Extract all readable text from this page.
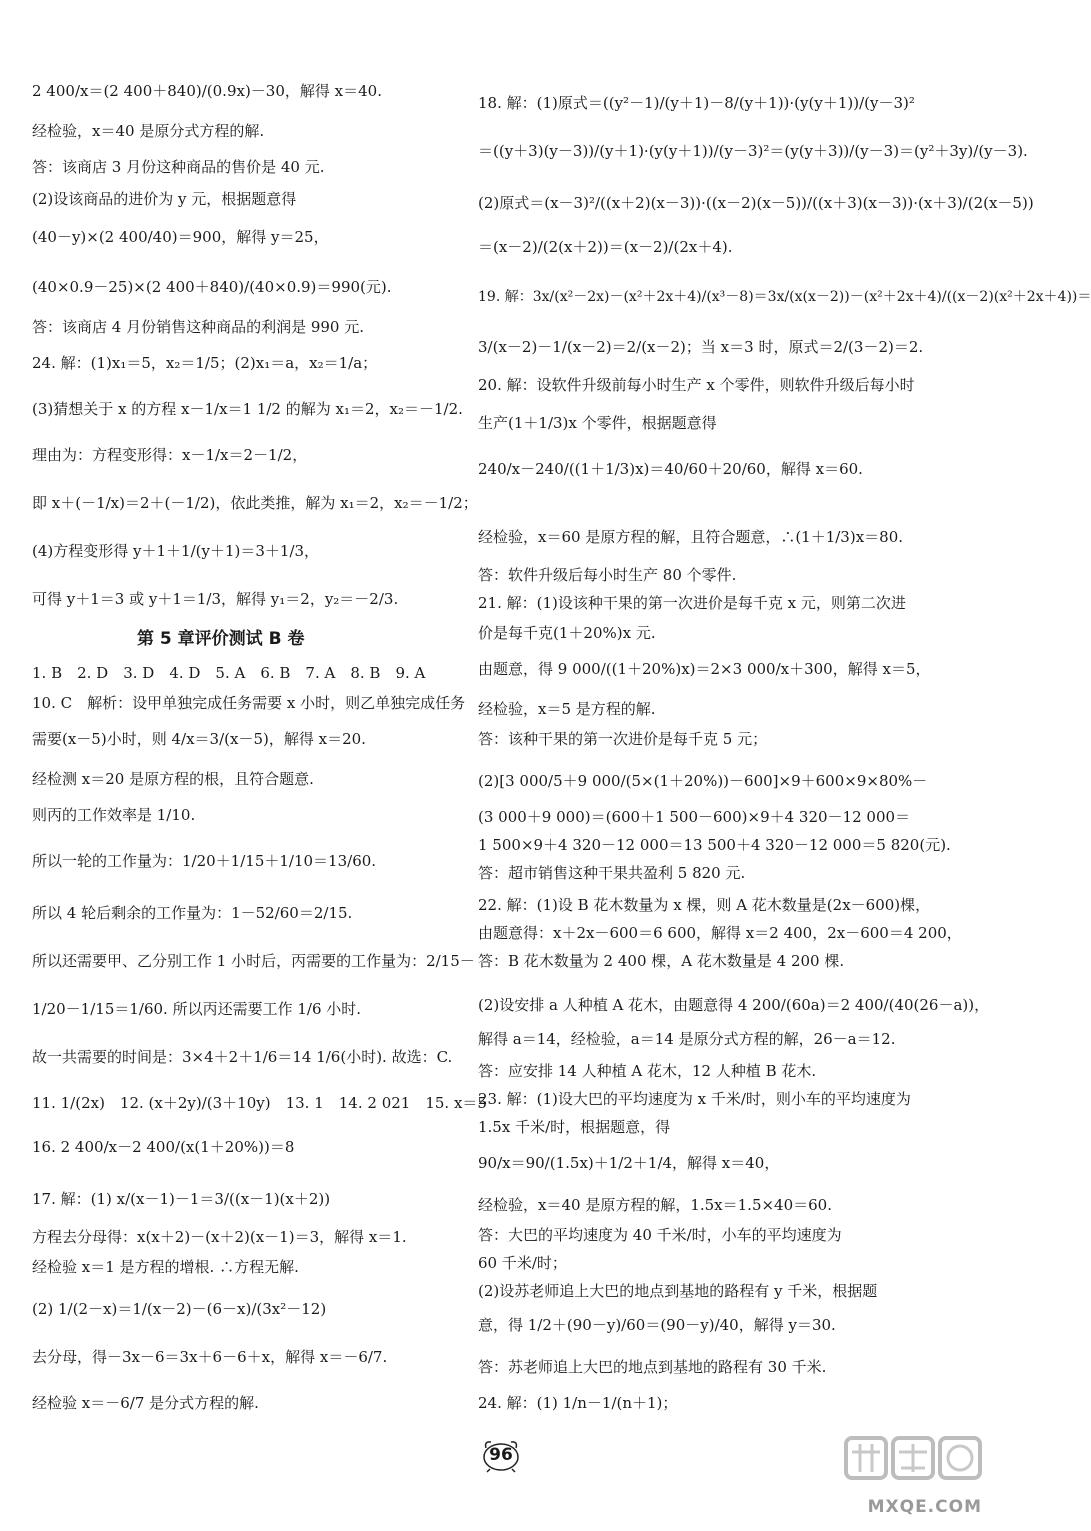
2 400/x＝(2 400＋840)/(0.9x)－30，解得 x＝40.
经检验，x＝40 是原分式方程的解.
答：该商店 3 月份这种商品的售价是 40 元.
(2)设该商品的进价为 y 元，根据题意得
(40－y)×(2 400/40)＝900，解得 y＝25，
(40×0.9－25)×(2 400＋840)/(40×0.9)＝990(元).
答：该商店 4 月份销售这种商品的利润是 990 元.
24. 解：(1)x₁＝5，x₂＝1/5；(2)x₁＝a，x₂＝1/a；
(3)猜想关于 x 的方程 x－1/x＝1 1/2 的解为 x₁＝2，x₂＝－1/2.
理由为：方程变形得：x－1/x＝2－1/2，
即 x＋(－1/x)＝2＋(－1/2)，依此类推，解为 x₁＝2，x₂＝－1/2；
(4)方程变形得 y＋1＋1/(y＋1)＝3＋1/3，
可得 y＋1＝3 或 y＋1＝1/3，解得 y₁＝2，y₂＝－2/3.
第 5 章评价测试 B 卷
1. B　2. D　3. D　4. D　5. A　6. B　7. A　8. B　9. A
10. C　解析：设甲单独完成任务需要 x 小时，则乙单独完成任务
需要(x－5)小时，则 4/x＝3/(x－5)，解得 x＝20.
经检测 x＝20 是原方程的根，且符合题意.
则丙的工作效率是 1/10.
所以一轮的工作量为：1/20＋1/15＋1/10＝13/60.
所以 4 轮后剩余的工作量为：1－52/60＝2/15.
所以还需要甲、乙分别工作 1 小时后，丙需要的工作量为：2/15－
1/20－1/15＝1/60. 所以丙还需要工作 1/6 小时.
故一共需要的时间是：3×4＋2＋1/6＝14 1/6(小时). 故选：C.
11. 1/(2x)　12. (x＋2y)/(3＋10y)　13. 1　14. 2 021　15. x＝5
16. 2 400/x－2 400/(x(1＋20%))＝8
17. 解：(1) x/(x－1)－1＝3/((x－1)(x＋2))
方程去分母得：x(x＋2)－(x＋2)(x－1)＝3，解得 x＝1.
经检验 x＝1 是方程的增根. ∴方程无解.
(2) 1/(2－x)＝1/(x－2)－(6－x)/(3x²－12)
去分母，得－3x－6＝3x＋6－6＋x，解得 x＝－6/7.
经检验 x＝－6/7 是分式方程的解.
18. 解：(1)原式＝((y²－1)/(y＋1)－8/(y＋1))·(y(y＋1))/(y－3)²
＝((y＋3)(y－3))/(y＋1)·(y(y＋1))/(y－3)²＝(y(y＋3))/(y－3)＝(y²＋3y)/(y－3).
(2)原式＝(x－3)²/((x＋2)(x－3))·((x－2)(x－5))/((x＋3)(x－3))·(x＋3)/(2(x－5))
＝(x－2)/(2(x＋2))＝(x－2)/(2x＋4).
19. 解：3x/(x²－2x)－(x²＋2x＋4)/(x³－8)＝3x/(x(x－2))－(x²＋2x＋4)/((x－2)(x²＋2x＋4))＝
3/(x－2)－1/(x－2)＝2/(x－2)；当 x＝3 时，原式＝2/(3－2)＝2.
20. 解：设软件升级前每小时生产 x 个零件，则软件升级后每小时
生产(1＋1/3)x 个零件，根据题意得
240/x－240/((1＋1/3)x)＝40/60＋20/60，解得 x＝60.
经检验，x＝60 是原方程的解，且符合题意，∴(1＋1/3)x＝80.
答：软件升级后每小时生产 80 个零件.
21. 解：(1)设该种干果的第一次进价是每千克 x 元，则第二次进
价是每千克(1＋20%)x 元.
由题意，得 9 000/((1＋20%)x)＝2×3 000/x＋300，解得 x＝5，
经检验，x＝5 是方程的解.
答：该种干果的第一次进价是每千克 5 元；
(2)[3 000/5＋9 000/(5×(1＋20%))－600]×9＋600×9×80%－
(3 000＋9 000)＝(600＋1 500－600)×9＋4 320－12 000＝
1 500×9＋4 320－12 000＝13 500＋4 320－12 000＝5 820(元).
答：超市销售这种干果共盈利 5 820 元.
22. 解：(1)设 B 花木数量为 x 棵，则 A 花木数量是(2x－600)棵，
由题意得：x＋2x－600＝6 600，解得 x＝2 400，2x－600＝4 200，
答：B 花木数量为 2 400 棵，A 花木数量是 4 200 棵.
(2)设安排 a 人种植 A 花木，由题意得 4 200/(60a)＝2 400/(40(26－a))，
解得 a＝14，经检验，a＝14 是原分式方程的解，26－a＝12.
答：应安排 14 人种植 A 花木，12 人种植 B 花木.
23. 解：(1)设大巴的平均速度为 x 千米/时，则小车的平均速度为
1.5x 千米/时，根据题意，得
90/x＝90/(1.5x)＋1/2＋1/4，解得 x＝40，
经检验，x＝40 是原方程的解，1.5x＝1.5×40＝60.
答：大巴的平均速度为 40 千米/时，小车的平均速度为
60 千米/时；
(2)设苏老师追上大巴的地点到基地的路程有 y 千米，根据题
意，得 1/2＋(90－y)/60＝(90－y)/40，解得 y＝30.
答：苏老师追上大巴的地点到基地的路程有 30 千米.
24. 解：(1) 1/n－1/(n＋1)；
96
MXQE.COM
